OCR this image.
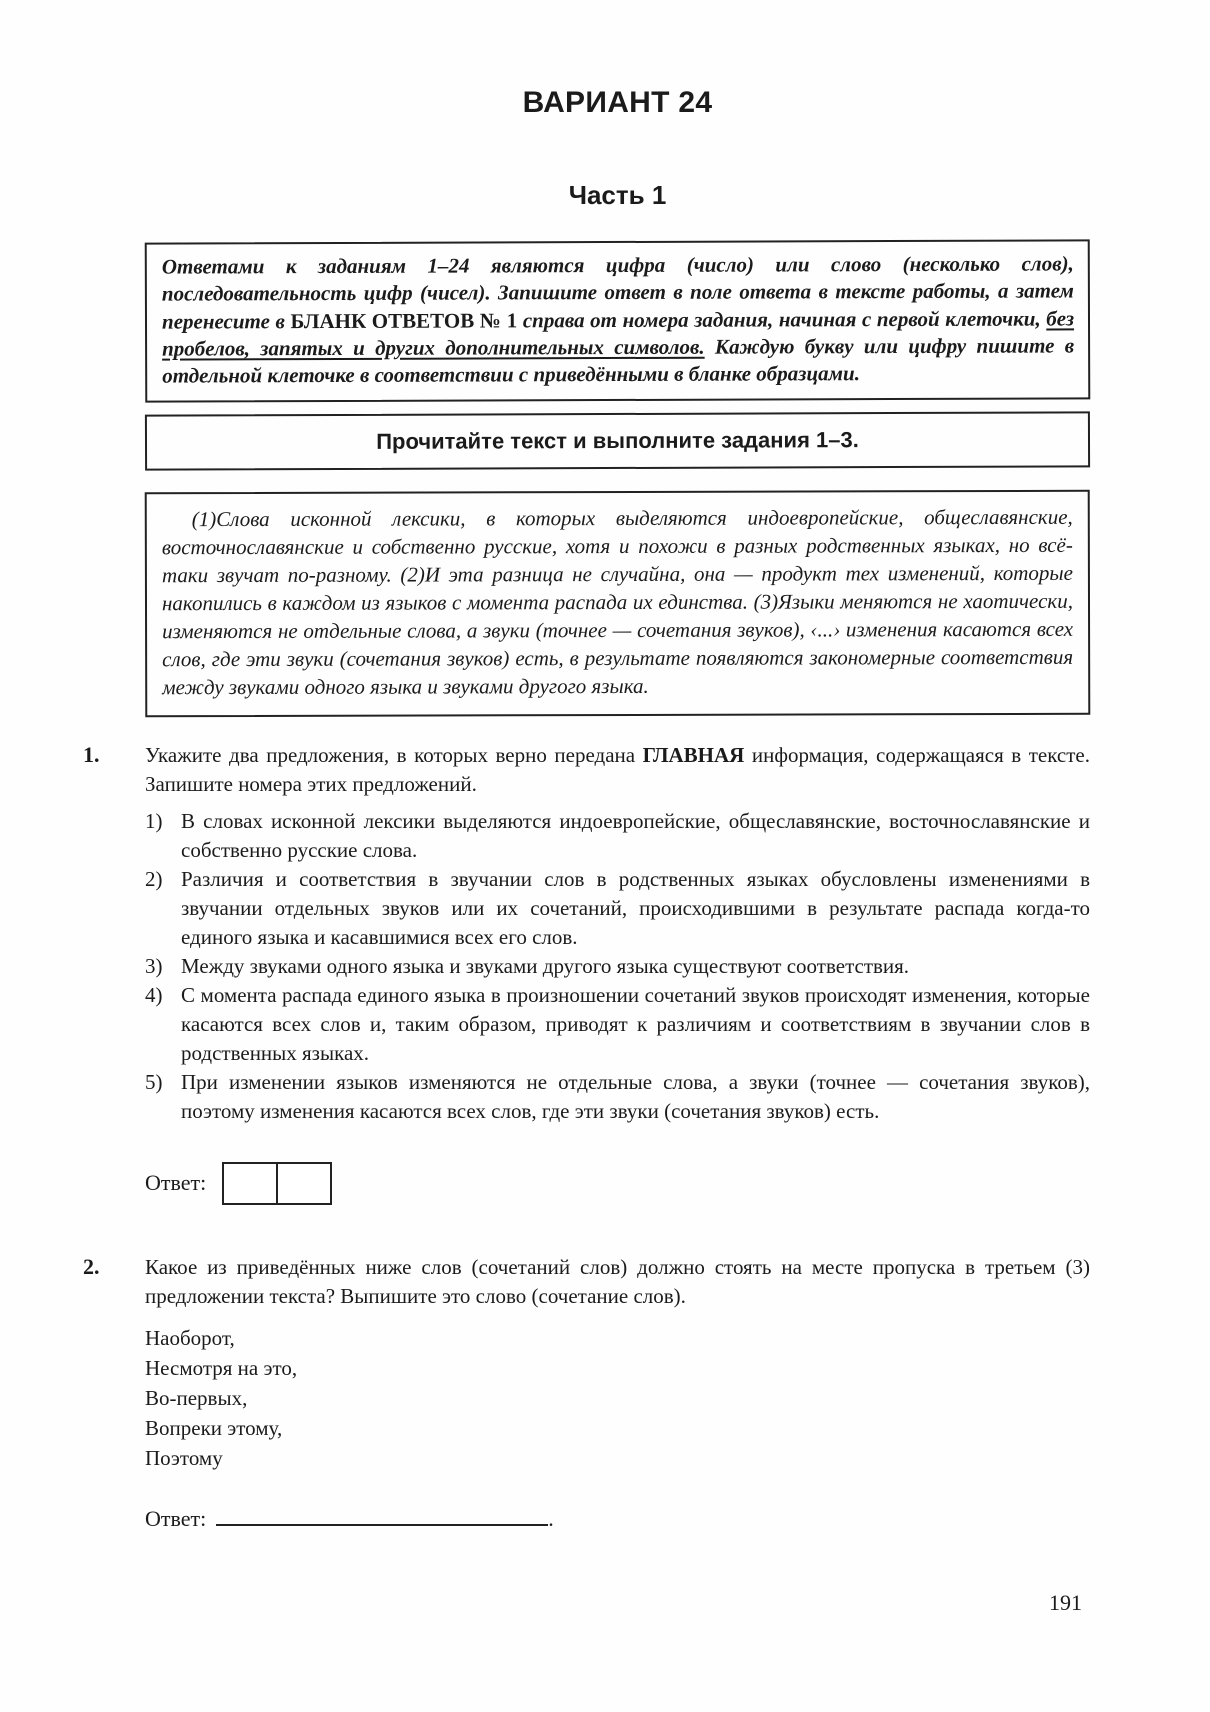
ВАРИАНТ 24
Часть 1

Ответами к заданиям 1–24 являются цифра (число) или слово (несколько слов), последовательность цифр (чисел). Запишите ответ в поле ответа в тексте работы, а затем перенесите в БЛАНК ОТВЕТОВ № 1 справа от номера задания, начиная с первой клеточки, без пробелов, запятых и других дополнительных символов. Каждую букву или цифру пишите в отдельной клеточке в соответствии с приведёнными в бланке образцами.

Прочитайте текст и выполните задания 1–3.

(1)Слова исконной лексики, в которых выделяются индоевропейские, общеславянские, восточнославянские и собственно русские, хотя и похожи в разных родственных языках, но всё-таки звучат по-разному. (2)И эта разница не случайна, она — продукт тех изменений, которые накопились в каждом из языков с момента распада их единства. (3)Языки меняются не хаотически, изменяются не отдельные слова, а звуки (точнее — сочетания звуков), ‹...› изменения касаются всех слов, где эти звуки (сочетания звуков) есть, в результате появляются закономерные соответствия между звуками одного языка и звуками другого языка.

1. Укажите два предложения, в которых верно передана ГЛАВНАЯ информация, содержащаяся в тексте. Запишите номера этих предложений.

1) В словах исконной лексики выделяются индоевропейские, общеславянские, восточнославянские и собственно русские слова.
2) Различия и соответствия в звучании слов в родственных языках обусловлены изменениями в звучании отдельных звуков или их сочетаний, происходившими в результате распада когда-то единого языка и касавшимися всех его слов.
3) Между звуками одного языка и звуками другого языка существуют соответствия.
4) С момента распада единого языка в произношении сочетаний звуков происходят изменения, которые касаются всех слов и, таким образом, приводят к различиям и соответствиям в звучании слов в родственных языках.
5) При изменении языков изменяются не отдельные слова, а звуки (точнее — сочетания звуков), поэтому изменения касаются всех слов, где эти звуки (сочетания звуков) есть.
Ответ:
2. Какое из приведённых ниже слов (сочетаний слов) должно стоять на месте пропуска в третьем (3) предложении текста? Выпишите это слово (сочетание слов).

Наоборот,
Несмотря на это,
Во-первых,
Вопреки этому,
Поэтому
Ответ:	.
191
